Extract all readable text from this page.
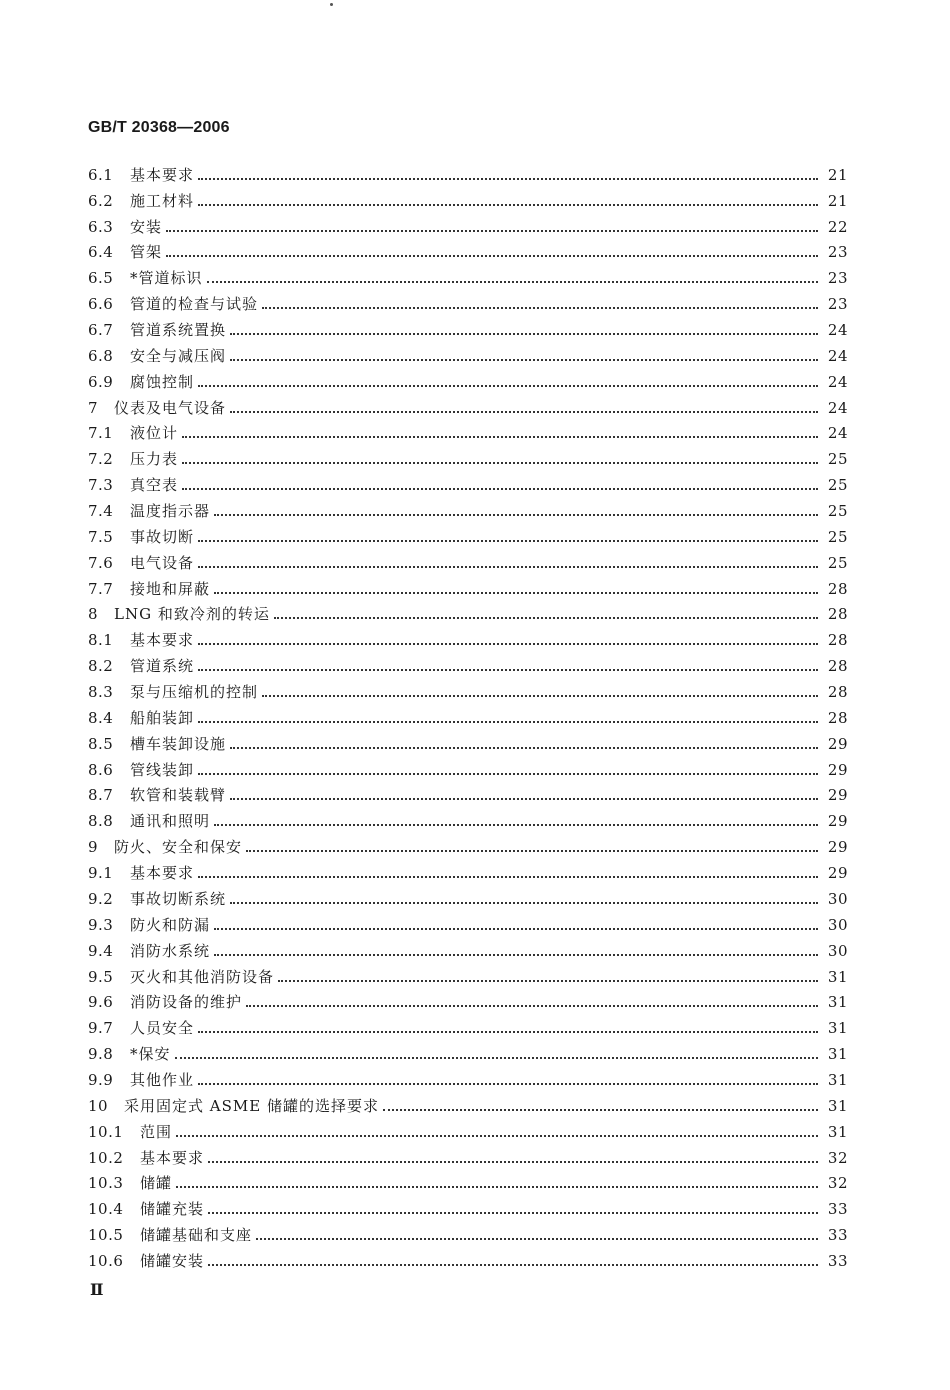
GB/T 20368—2006
6.1	基本要求	21
6.2	施工材料	21
6.3	安装	22
6.4	管架	23
6.5	*管道标识	23
6.6	管道的检查与试验	23
6.7	管道系统置换	24
6.8	安全与减压阀	24
6.9	腐蚀控制	24
7	仪表及电气设备	24
7.1	液位计	24
7.2	压力表	25
7.3	真空表	25
7.4	温度指示器	25
7.5	事故切断	25
7.6	电气设备	25
7.7	接地和屏蔽	28
8	LNG 和致冷剂的转运	28
8.1	基本要求	28
8.2	管道系统	28
8.3	泵与压缩机的控制	28
8.4	船舶装卸	28
8.5	槽车装卸设施	29
8.6	管线装卸	29
8.7	软管和装载臂	29
8.8	通讯和照明	29
9	防火、安全和保安	29
9.1	基本要求	29
9.2	事故切断系统	30
9.3	防火和防漏	30
9.4	消防水系统	30
9.5	灭火和其他消防设备	31
9.6	消防设备的维护	31
9.7	人员安全	31
9.8	*保安	31
9.9	其他作业	31
10	采用固定式 ASME 储罐的选择要求	31
10.1	范围	31
10.2	基本要求	32
10.3	储罐	32
10.4	储罐充装	33
10.5	储罐基础和支座	33
10.6	储罐安装	33
Ⅱ
